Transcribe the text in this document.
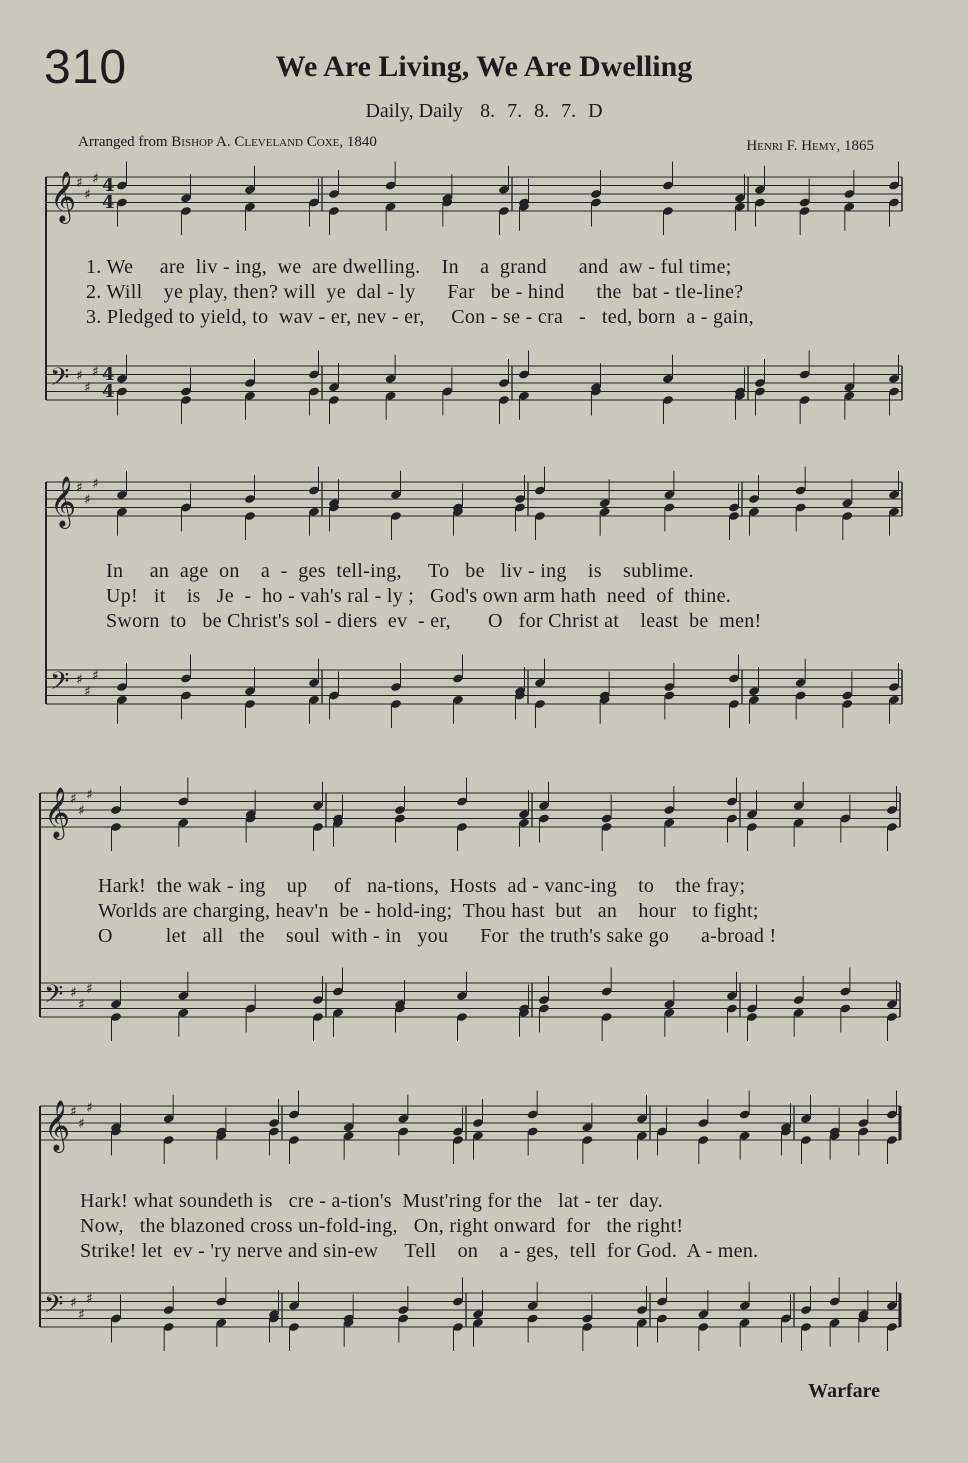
310	We Are Living, We Are Dwelling
Daily, Daily 8. 7. 8. 7. D
Arranged from Bishop A. Cleveland Coxe, 1840	Henri F. Hemy, 1865
𝄞 ♯
♯
♯
𝄢 ♯
♯
♯
4
4
4
4
𝄞 ♯
♯
♯
𝄢 ♯
♯
♯
𝄞 ♯
♯
♯
𝄢 ♯
♯
♯
𝄞 ♯
♯
♯
𝄢 ♯
♯
♯
1. We     are  liv - ing,  we  are dwelling.    In    a  grand      and  aw - ful time;
2. Will    ye play, then? will  ye  dal - ly      Far   be - hind      the  bat - tle-line?
3. Pledged to yield, to  wav - er, nev - er,     Con - se - cra   -   ted, born  a - gain,
In     an  age  on    a  -  ges  tell-ing,     To   be   liv - ing    is    sublime.
Up!   it    is   Je  -  ho - vah's ral - ly ;   God's own arm hath  need  of  thine.
Sworn  to   be Christ's sol - diers  ev  - er,       O   for Christ at    least  be  men!
Hark!  the wak - ing    up     of   na-tions,  Hosts  ad - vanc-ing    to    the fray;
Worlds are charging, heav'n  be - hold-ing;  Thou hast  but   an    hour   to fight;
O          let   all   the    soul  with - in   you      For  the truth's sake go      a-broad !
Hark! what soundeth is   cre - a-tion's  Must'ring for the   lat - ter  day.
Now,   the blazoned cross un-fold-ing,   On, right onward  for   the right!
Strike! let  ev - 'ry nerve and sin-ew     Tell    on    a - ges,  tell  for God.  A - men.
Warfare
